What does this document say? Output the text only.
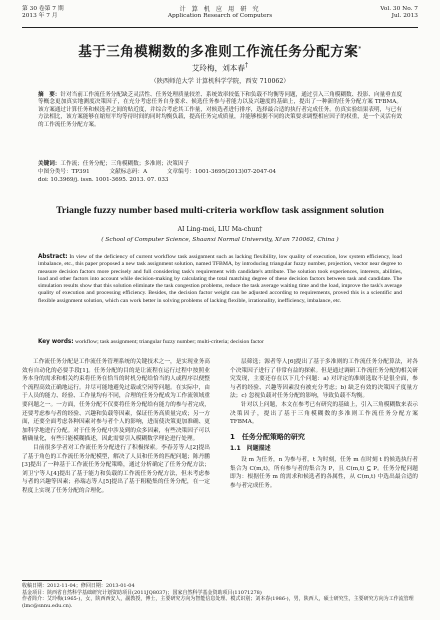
第 30 卷第 7 期
2013 年 7 月
计 算 机 应 用 研 究
Application Research of Computers
Vol. 30 No. 7
Jul. 2013
基于三角模糊数的多准则工作流任务分配方案*
艾玲梅，刘本春†
（陕西师范大学 计算机科学学院，西安 710062）
摘　要：针对当前工作流任务分配缺乏灵活性、任务处理质量较差、系统效率较低下和负载不均衡等问题，通过引入三角模糊数、投影、向量垂直度等概念更加真实地测度决策因子，在充分考虑任务自身要求、候选任务参与者能力以及兴趣度的基础上，提出了一种新的任务分配方案 TFBMA。该方案通过计算任务和候选者之间的贴近度，并综合考虑其工作量，对候选者进行排序，选择最合适的执行者完成任务。仿真实验结果表明，与已有方法相比，该方案能够在缩短平均等待时间的同时均衡负载，提高任务完成质量，并能够根据不同的决策要求调整相应因子的权重，是一个灵活有效的工作流任务分配方案。
关键词：工作流；任务分配；三角模糊数；多准则；决策因子
中图分类号：TP391	文献标志码：A	文章编号：1001-3695(2013)07-2047-04
doi: 10.3969/j. issn. 1001-3695. 2013. 07. 033
Triangle fuzzy number based multi-criteria workflow task assignment solution
AI Ling-mei, LIU Ma-chun†
( School of Computer Science, Shaanxi Normal University, Xi'an 710062, China )
Abstract: In view of the deficiency of current workflow task assignment such as lacking flexibility, low quality of execution, low system efficiency, load imbalance, etc., this paper proposed a new task assignment solution, named TFBMA, by introducing triangular fuzzy number, projection, vector near degree to measure decision factors more precisely and full considering task's requirement with candidate's attribute. The solution took experiences, interests, abilities, load and other factors into account while decision-making by calculating the total matching degree of these decision factors between task and candidate. The simulation results show that this solution eliminate the task congestion problems, reduce the task average waiting time and the load, improve the task's average quality of execution and processing efficiency. Besides, the decision factor weight can be adjusted according to requirements, proved this is a scientific and flexible assignment solution, which can work better in solving problems of lacking flexible, irrationality, inefficiency, imbalance, etc.
Key words: workflow; task assignment; triangular fuzzy number; multi-criteria; decision factor

工作流任务分配是工作流任务管理系统的关键技术之一，是实现业务高效有自动化的必要手段[1]。任务分配的目的是让流程在运行过程中按照业务本身的需求和相关约束将任务在恰当的时机分配给恰当的人或程序以便整个流程高效正确地运行。并尽可能地避免过载或空闲等问题。在实际中，由于人员的能力、经验、工作量均有不同，合理的任务分配成为工作流领域重要问题之一。一方面，任务分配不仅要将任务分配给有能力的参与者完成，还要考虑参与者的经验、兴趣和负载等因素，保证任务高质量完成；另一方面，还要全面考虑各种因素对参与者个人的影响，进而使决策更加准确、更加科学地进行分配。对于任务分配中涉及到的众多因素，有些决策因子可以精确量化，有些只能模糊描述，因此需要引入模糊数学理论进行处理。

目前很多学者对工作流任务分配进行了积极探索。李春芳等人[2]提出了基于角色的工作流任务分配模型，解决了人员和任务的匹配问题；陈丹鹏[3]提出了一种基于工作流任务分配策略，通过分析确定了任务分配方法；刘卫宁等人[4]提出了基于能力和负载的工作流任务分配方法，但未考虑参与者的兴趣等因素；孙瑞志等人[5]提出了基于粗糙集的任务分配，在一定程度上实现了任务分配的合理化。

层筛选；源者等人[6]提出了基于多准则的工作流任务分配算法，对各个决策因子进行了非常有益的探索。但是通过调研工作流任务分配的相关研究发现，主要还存在以下几个问题：a) 对评定的准则选取不是很全面，参与者的经验、兴趣等因素没有被充分考虑；b) 缺乏有效的决策因子度量方法；c) 忽视负载对任务分配的影响，导致负载不均衡。

针对以上问题，本文在参考已有研究的基础上，引入三角模糊数来表示决策因子，提出了基于三角模糊数的多准则工作流任务分配方案 TFBMA。

1　任务分配策略的研究
1.1　问题描述

设 m 为任务，n 为参与者，t 为时刻，任务 m 在时刻 t 的候选执行者集合为 C(m,t)，所有参与者的集合为 P，且 C(m,t) ⊆ P。任务分配问题即为：根据任务 m 的需求和候选者的各属性，从 C(m,t) 中选出最合适的参与者完成任务。

收稿日期：2012-11-04；修回日期：2013-01-04
基金项目：陕西省自然科学基础研究计划资助项目(2011JQ8037)；国家自然科学基金资助项目(11071278)
作者简介：艾玲梅(1965-)，女，陕西西安人，副教授，博士，主要研究方向为智能信息处理、模式识别；刘本春(1986-)，男，陕西人，硕士研究生，主要研究方向为工作流管理(lmc@snnu.edu.cn).
